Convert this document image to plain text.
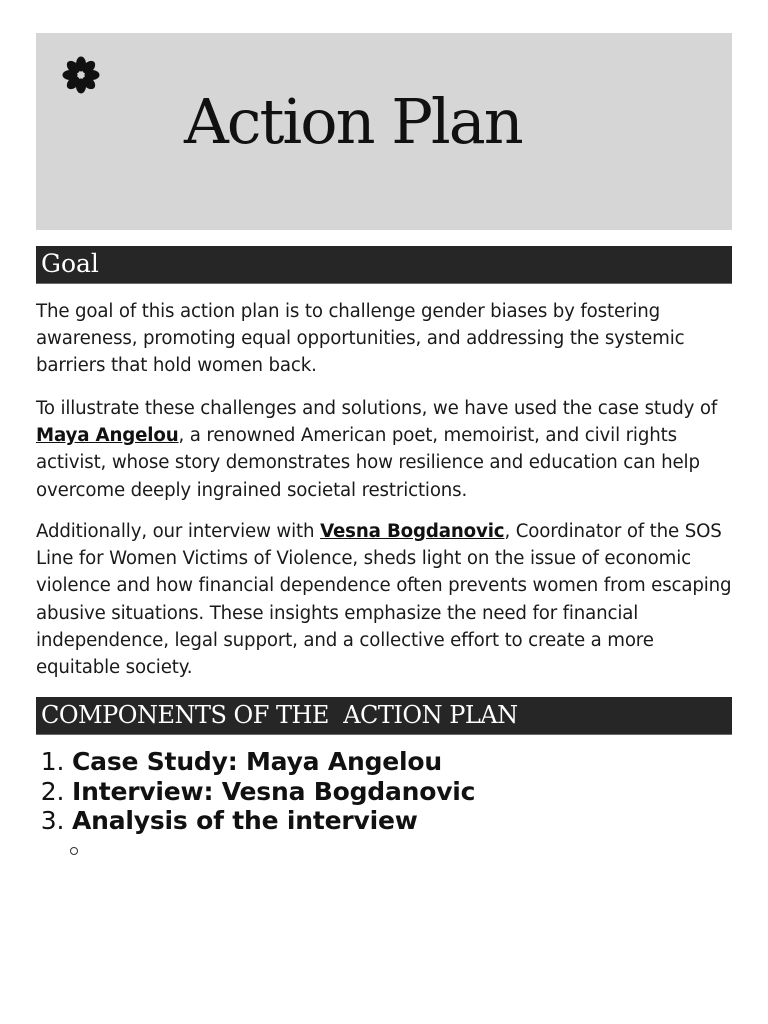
Action Plan
Goal

The goal of this action plan is to challenge gender biases by fostering awareness, promoting equal opportunities, and addressing the systemic barriers that hold women back.

To illustrate these challenges and solutions, we have used the case study of Maya Angelou, a renowned American poet, memoirist, and civil rights activist, whose story demonstrates how resilience and education can help overcome deeply ingrained societal restrictions.

Additionally, our interview with Vesna Bogdanovic, Coordinator of the SOS Line for Women Victims of Violence, sheds light on the issue of economic violence and how financial dependence often prevents women from escaping abusive situations. These insights emphasize the need for financial independence, legal support, and a collective effort to create a more equitable society.

COMPONENTS OF THE  ACTION PLAN
1. Case Study: Maya Angelou
2. Interview: Vesna Bogdanovic
3. Analysis of the interview
